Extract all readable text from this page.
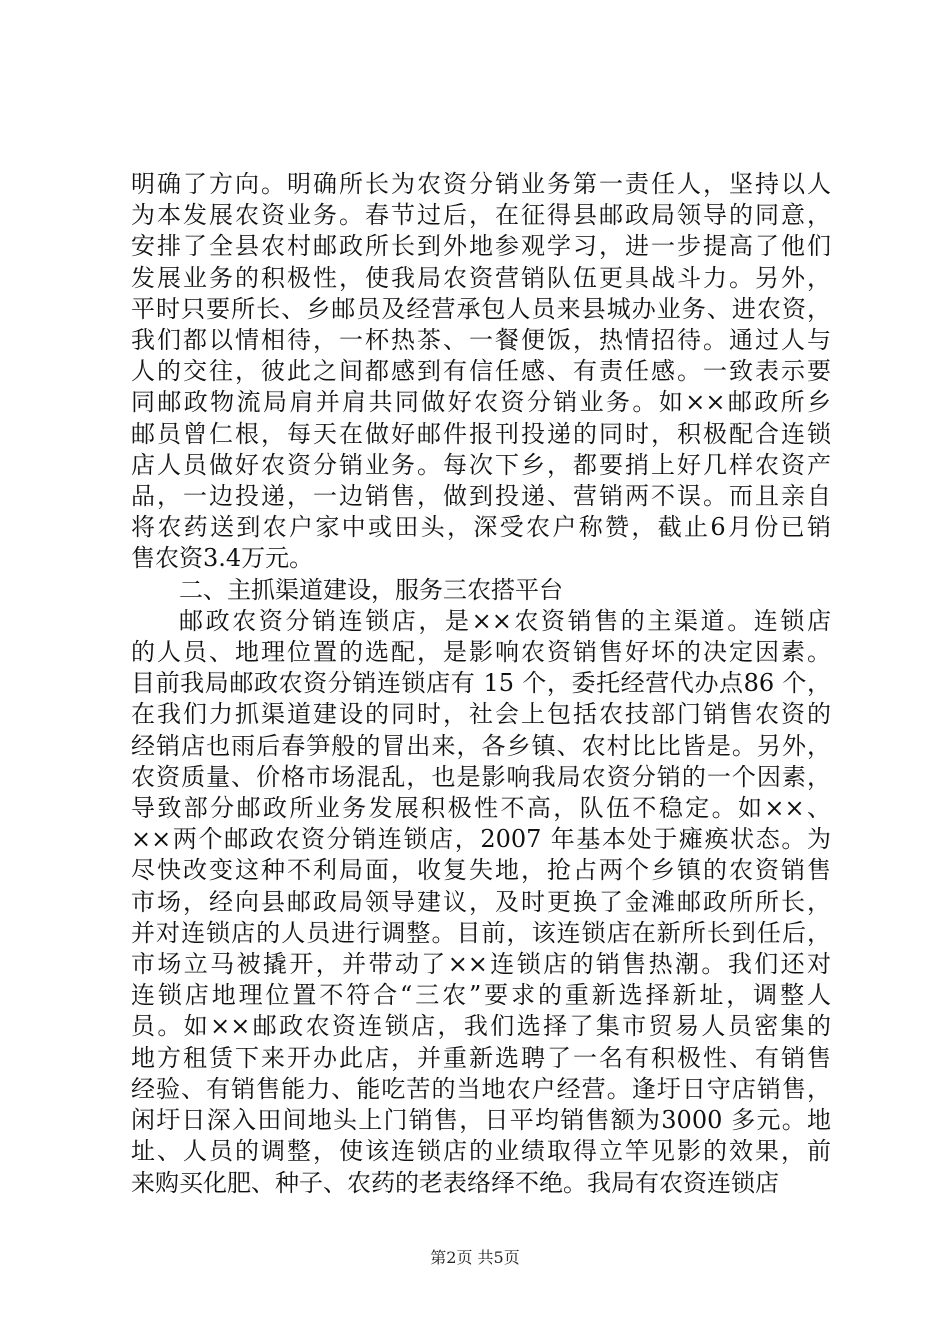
明确了方向。明确所长为农资分销业务第一责任人，坚持以人
为本发展农资业务。春节过后，在征得县邮政局领导的同意，
安排了全县农村邮政所长到外地参观学习，进一步提高了他们
发展业务的积极性，使我局农资营销队伍更具战斗力。另外，
平时只要所长、乡邮员及经营承包人员来县城办业务、进农资，
我们都以情相待，一杯热茶、一餐便饭，热情招待。通过人与
人的交往，彼此之间都感到有信任感、有责任感。一致表示要
同邮政物流局肩并肩共同做好农资分销业务。如××邮政所乡
邮员曾仁根，每天在做好邮件报刊投递的同时，积极配合连锁
店人员做好农资分销业务。每次下乡，都要捎上好几样农资产
品，一边投递，一边销售，做到投递、营销两不误。而且亲自
将农药送到农户家中或田头，深受农户称赞，截止6月份已销
售农资3.4万元。
二、主抓渠道建设，服务三农搭平台
邮政农资分销连锁店，是××农资销售的主渠道。连锁店
的人员、地理位置的选配，是影响农资销售好坏的决定因素。
目前我局邮政农资分销连锁店有 15 个，委托经营代办点86 个，
在我们力抓渠道建设的同时，社会上包括农技部门销售农资的
经销店也雨后春笋般的冒出来，各乡镇、农村比比皆是。另外，
农资质量、价格市场混乱，也是影响我局农资分销的一个因素，
导致部分邮政所业务发展积极性不高，队伍不稳定。如××、
××两个邮政农资分销连锁店，2007 年基本处于瘫痪状态。为
尽快改变这种不利局面，收复失地，抢占两个乡镇的农资销售
市场，经向县邮政局领导建议，及时更换了金滩邮政所所长，
并对连锁店的人员进行调整。目前，该连锁店在新所长到任后，
市场立马被撬开，并带动了××连锁店的销售热潮。我们还对
连锁店地理位置不符合“三农”要求的重新选择新址，调整人
员。如××邮政农资连锁店，我们选择了集市贸易人员密集的
地方租赁下来开办此店，并重新选聘了一名有积极性、有销售
经验、有销售能力、能吃苦的当地农户经营。逢圩日守店销售，
闲圩日深入田间地头上门销售，日平均销售额为3000 多元。地
址、人员的调整，使该连锁店的业绩取得立竿见影的效果，前
来购买化肥、种子、农药的老表络绎不绝。我局有农资连锁店
第2页 共5页
